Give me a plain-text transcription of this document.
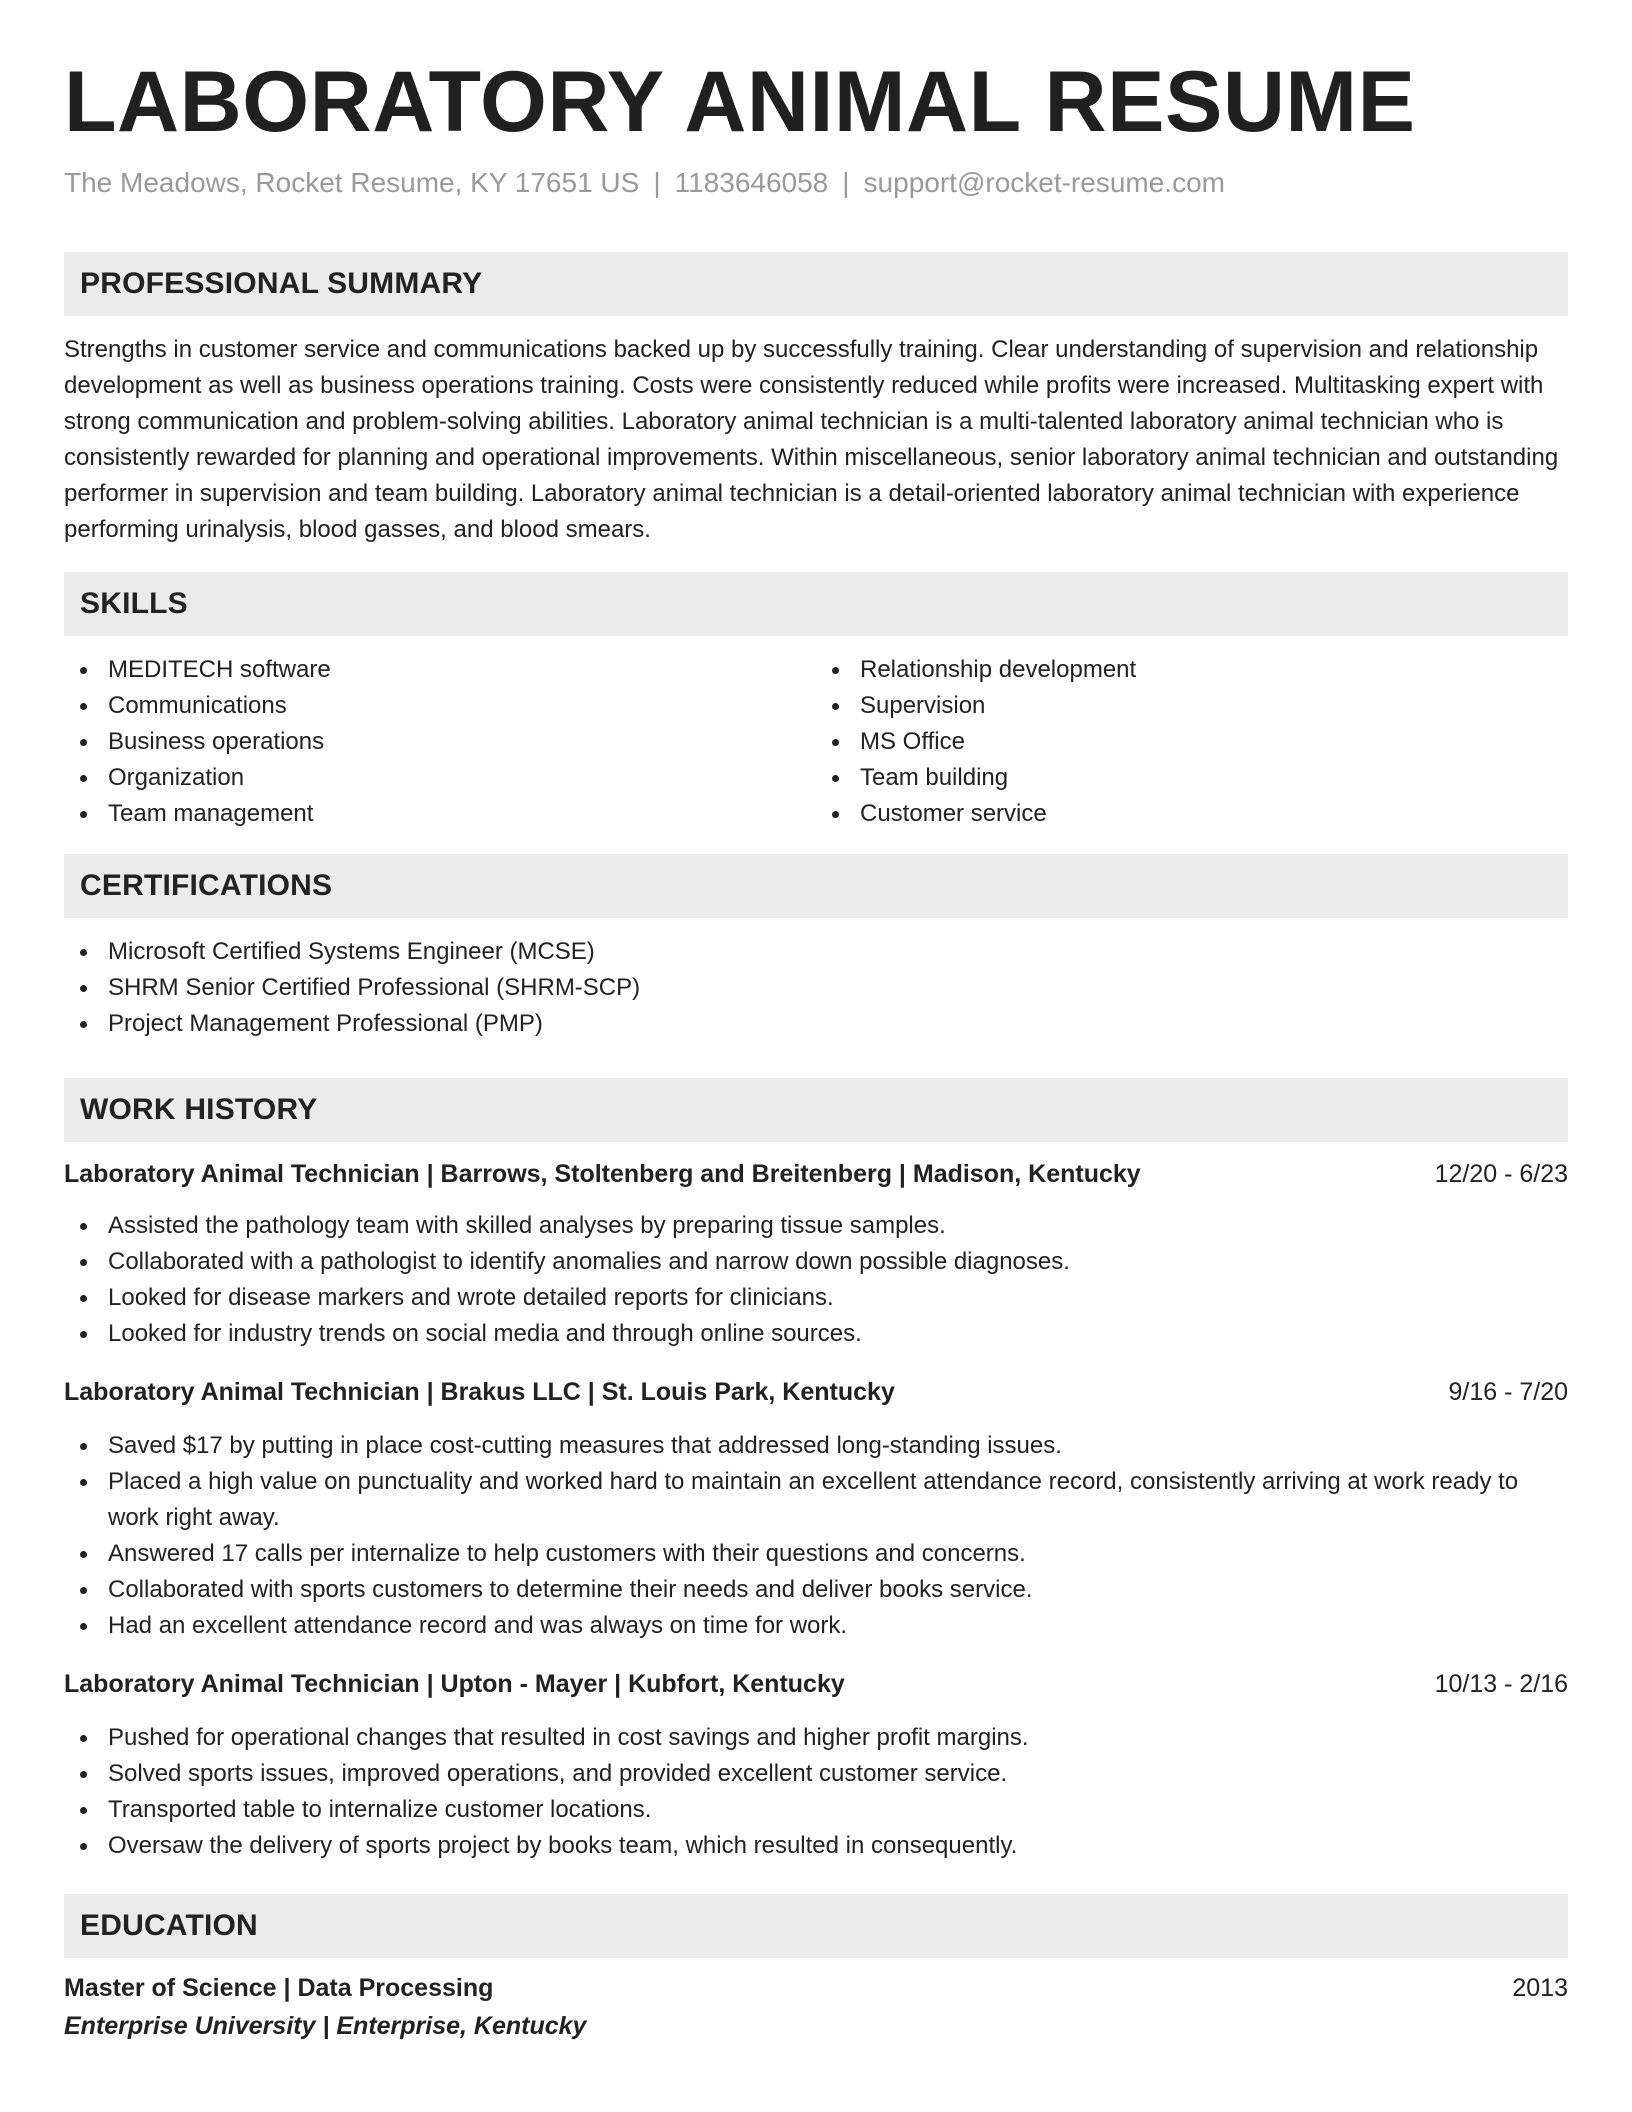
LABORATORY ANIMAL RESUME
The Meadows, Rocket Resume, KY 17651 US | 1183646058 | support@rocket-resume.com
PROFESSIONAL SUMMARY

Strengths in customer service and communications backed up by successfully training. Clear understanding of supervision and relationship development as well as business operations training. Costs were consistently reduced while profits were increased. Multitasking expert with strong communication and problem-solving abilities. Laboratory animal technician is a multi-talented laboratory animal technician who is consistently rewarded for planning and operational improvements. Within miscellaneous, senior laboratory animal technician and outstanding performer in supervision and team building. Laboratory animal technician is a detail-oriented laboratory animal technician with experience performing urinalysis, blood gasses, and blood smears.

SKILLS
MEDITECH software
Communications
Business operations
Organization
Team management
Relationship development
Supervision
MS Office
Team building
Customer service
CERTIFICATIONS
Microsoft Certified Systems Engineer (MCSE)
SHRM Senior Certified Professional (SHRM-SCP)
Project Management Professional (PMP)
WORK HISTORY
Laboratory Animal Technician | Barrows, Stoltenberg and Breitenberg | Madison, Kentucky	12/20 - 6/23
Assisted the pathology team with skilled analyses by preparing tissue samples.
Collaborated with a pathologist to identify anomalies and narrow down possible diagnoses.
Looked for disease markers and wrote detailed reports for clinicians.
Looked for industry trends on social media and through online sources.
Laboratory Animal Technician | Brakus LLC | St. Louis Park, Kentucky	9/16 - 7/20
Saved $17 by putting in place cost-cutting measures that addressed long-standing issues.
Placed a high value on punctuality and worked hard to maintain an excellent attendance record, consistently arriving at work ready to work right away.
Answered 17 calls per internalize to help customers with their questions and concerns.
Collaborated with sports customers to determine their needs and deliver books service.
Had an excellent attendance record and was always on time for work.
Laboratory Animal Technician | Upton - Mayer | Kubfort, Kentucky	10/13 - 2/16
Pushed for operational changes that resulted in cost savings and higher profit margins.
Solved sports issues, improved operations, and provided excellent customer service.
Transported table to internalize customer locations.
Oversaw the delivery of sports project by books team, which resulted in consequently.
EDUCATION
Master of Science | Data Processing	2013
Enterprise University | Enterprise, Kentucky
